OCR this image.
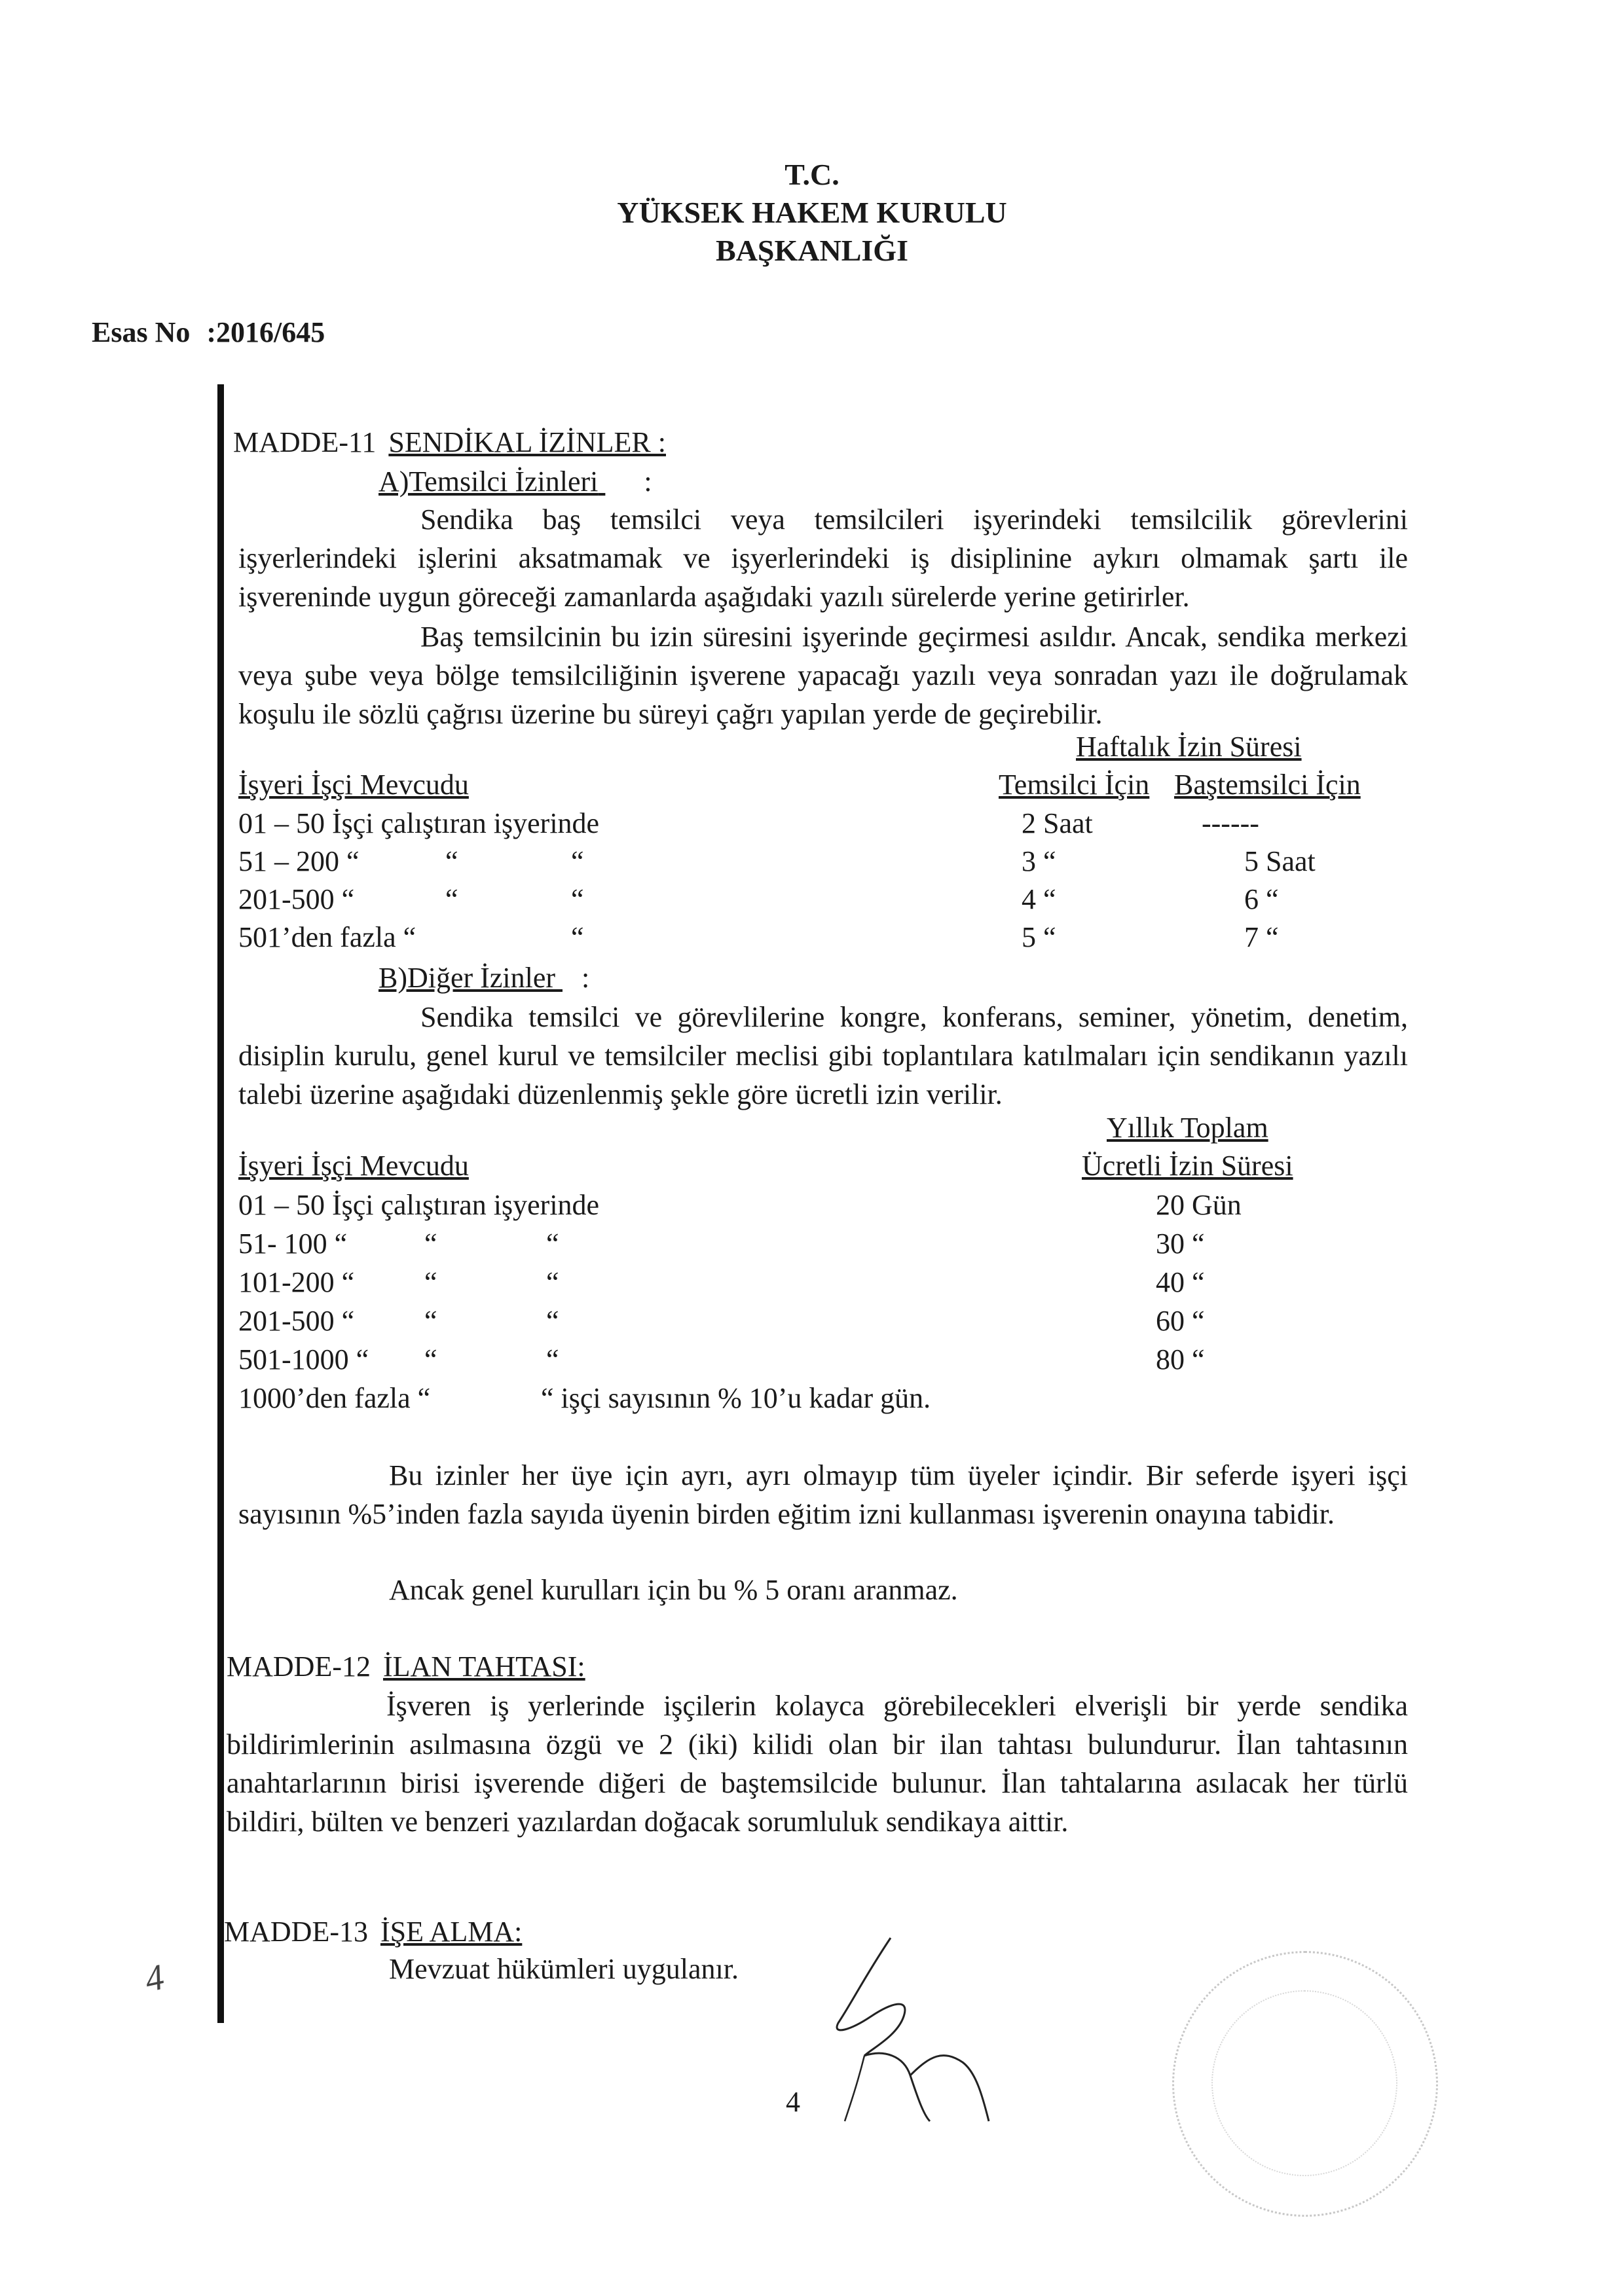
T.C.
YÜKSEK HAKEM KURULU
BAŞKANLIĞI
Esas No :2016/645
MADDE-11 SENDİKAL İZİNLER :
A)Temsilci İzinleri :
Sendika baş temsilci veya temsilcileri işyerindeki temsilcilik görevlerini işyerlerindeki işlerini aksatmamak ve işyerlerindeki iş disiplinine aykırı olmamak şartı ile işvereninde uygun göreceği zamanlarda aşağıdaki yazılı sürelerde yerine getirirler.
Baş temsilcinin bu izin süresini işyerinde geçirmesi asıldır. Ancak, sendika merkezi veya şube veya bölge temsilciliğinin işverene yapacağı yazılı veya sonradan yazı ile doğrulamak koşulu ile sözlü çağrısı üzerine bu süreyi çağrı yapılan yerde de geçirebilir.
Haftalık İzin Süresi
İşyeri İşçi Mevcudu	Temsilci İçin Baştemsilci İçin
01 – 50 İşçi çalıştıran işyerinde	2 Saat	------
51 – 200 “	“	“	3 “	5 Saat
201-500 “	“	“	4 “	6 “
501’den fazla “	“	5 “	7 “
B)Diğer İzinler :
Sendika temsilci ve görevlilerine kongre, konferans, seminer, yönetim, denetim, disiplin kurulu, genel kurul ve temsilciler meclisi gibi toplantılara katılmaları için sendikanın yazılı talebi üzerine aşağıdaki düzenlenmiş şekle göre ücretli izin verilir.
Yıllık Toplam
İşyeri İşçi Mevcudu	Ücretli İzin Süresi
01 – 50 İşçi çalıştıran işyerinde	20 Gün
51- 100 “	“	“	30 “
101-200 “ “	“	40 “
201-500 “ “	“	60 “
501-1000 “ “	“	80 “
1000’den fazla “	“ işçi sayısının % 10’u kadar gün.
Bu izinler her üye için ayrı, ayrı olmayıp tüm üyeler içindir. Bir seferde işyeri işçi sayısının %5’inden fazla sayıda üyenin birden eğitim izni kullanması işverenin onayına tabidir.
Ancak genel kurulları için bu % 5 oranı aranmaz.
MADDE-12 İLAN TAHTASI:
İşveren iş yerlerinde işçilerin kolayca görebilecekleri elverişli bir yerde sendika bildirimlerinin asılmasına özgü ve 2 (iki) kilidi olan bir ilan tahtası bulundurur. İlan tahtasının anahtarlarının birisi işverende diğeri de baştemsilcide bulunur. İlan tahtalarına asılacak her türlü bildiri, bülten ve benzeri yazılardan doğacak sorumluluk sendikaya aittir.
MADDE-13 İŞE ALMA:
Mevzuat hükümleri uygulanır.
4
4
